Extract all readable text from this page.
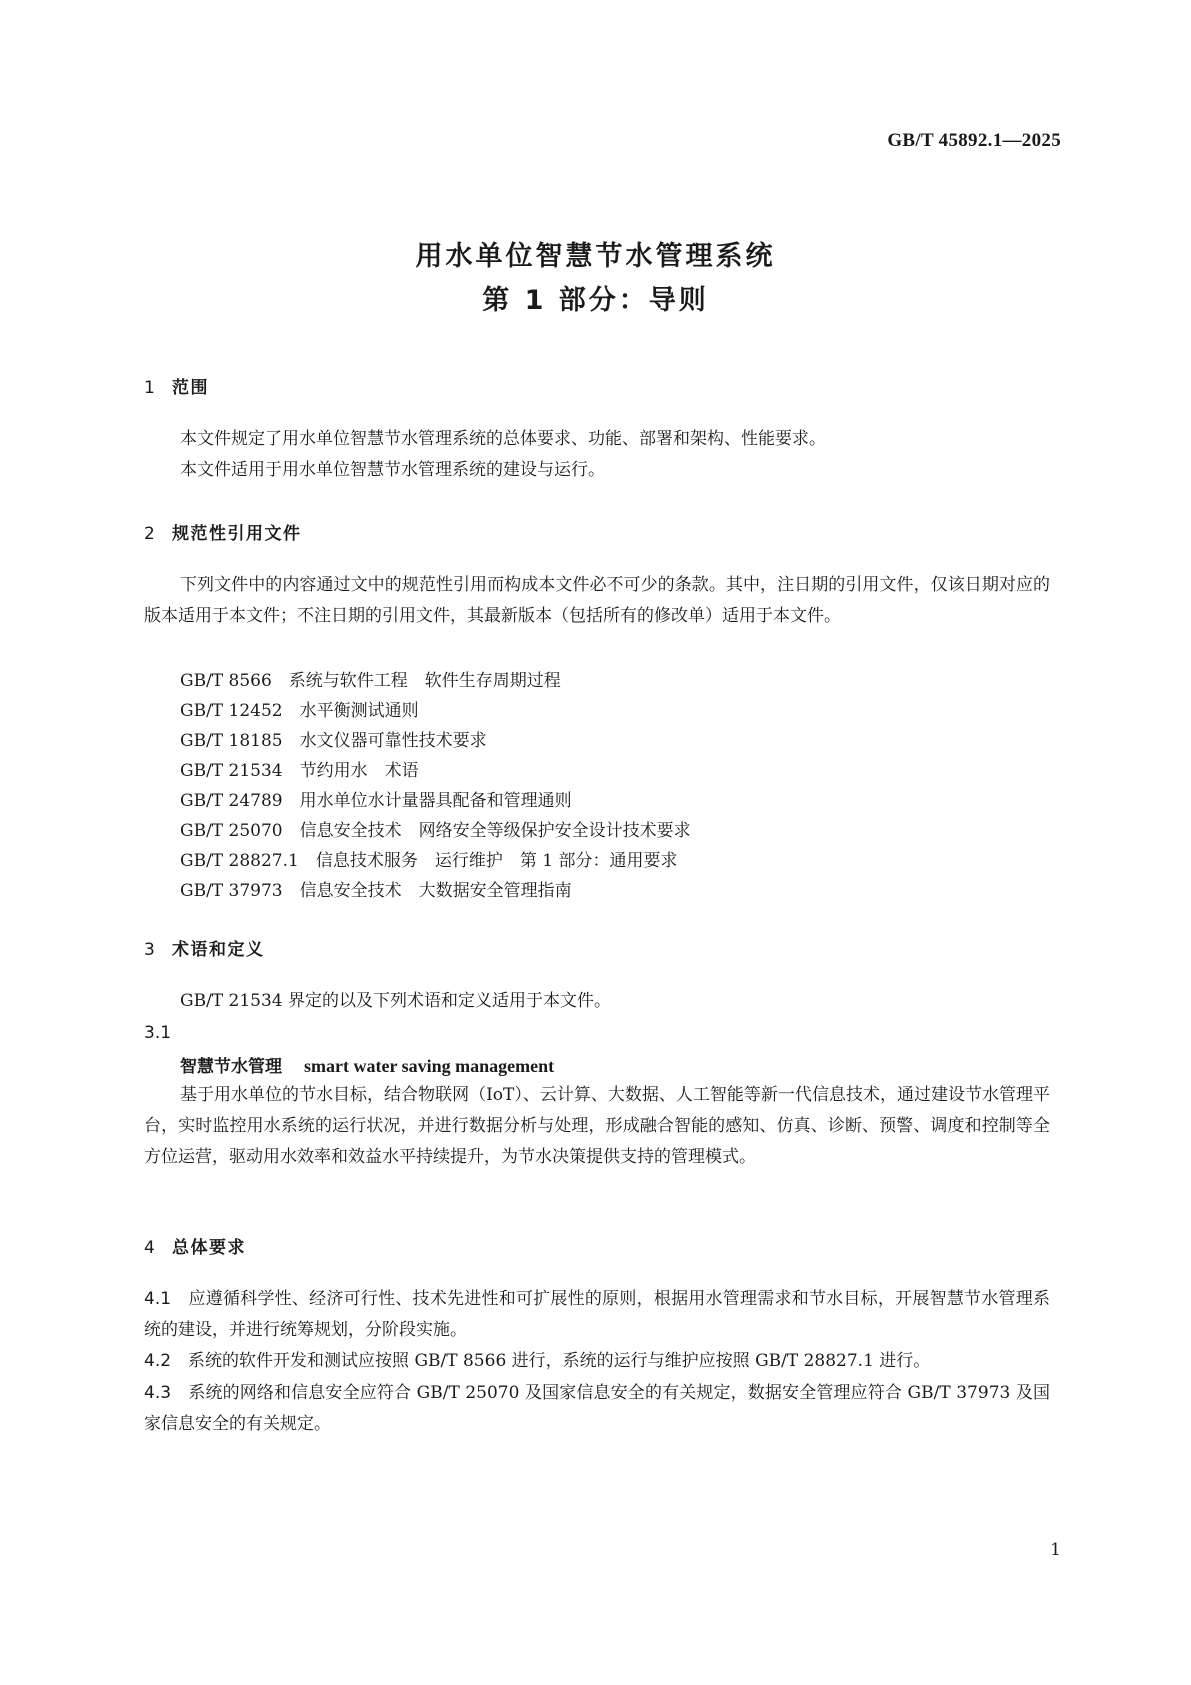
GB/T 45892.1—2025
用水单位智慧节水管理系统
第 1 部分：导则
1 范围
本文件规定了用水单位智慧节水管理系统的总体要求、功能、部署和架构、性能要求。
本文件适用于用水单位智慧节水管理系统的建设与运行。
2 规范性引用文件
下列文件中的内容通过文中的规范性引用而构成本文件必不可少的条款。其中，注日期的引用文件，仅该日期对应的版本适用于本文件；不注日期的引用文件，其最新版本（包括所有的修改单）适用于本文件。
GB/T 8566　系统与软件工程　软件生存周期过程
GB/T 12452　水平衡测试通则
GB/T 18185　水文仪器可靠性技术要求
GB/T 21534　节约用水　术语
GB/T 24789　用水单位水计量器具配备和管理通则
GB/T 25070　信息安全技术　网络安全等级保护安全设计技术要求
GB/T 28827.1　信息技术服务　运行维护　第 1 部分：通用要求
GB/T 37973　信息安全技术　大数据安全管理指南
3 术语和定义
GB/T 21534 界定的以及下列术语和定义适用于本文件。
3.1
智慧节水管理 smart water saving management
基于用水单位的节水目标，结合物联网（IoT）、云计算、大数据、人工智能等新一代信息技术，通过建设节水管理平台，实时监控用水系统的运行状况，并进行数据分析与处理，形成融合智能的感知、仿真、诊断、预警、调度和控制等全方位运营，驱动用水效率和效益水平持续提升，为节水决策提供支持的管理模式。
4 总体要求
4.1　 应遵循科学性、经济可行性、技术先进性和可扩展性的原则，根据用水管理需求和节水目标，开展智慧节水管理系统的建设，并进行统筹规划，分阶段实施。
4.2　 系统的软件开发和测试应按照 GB/T 8566 进行，系统的运行与维护应按照 GB/T 28827.1 进行。
4.3　 系统的网络和信息安全应符合 GB/T 25070 及国家信息安全的有关规定，数据安全管理应符合 GB/T 37973 及国家信息安全的有关规定。
1
